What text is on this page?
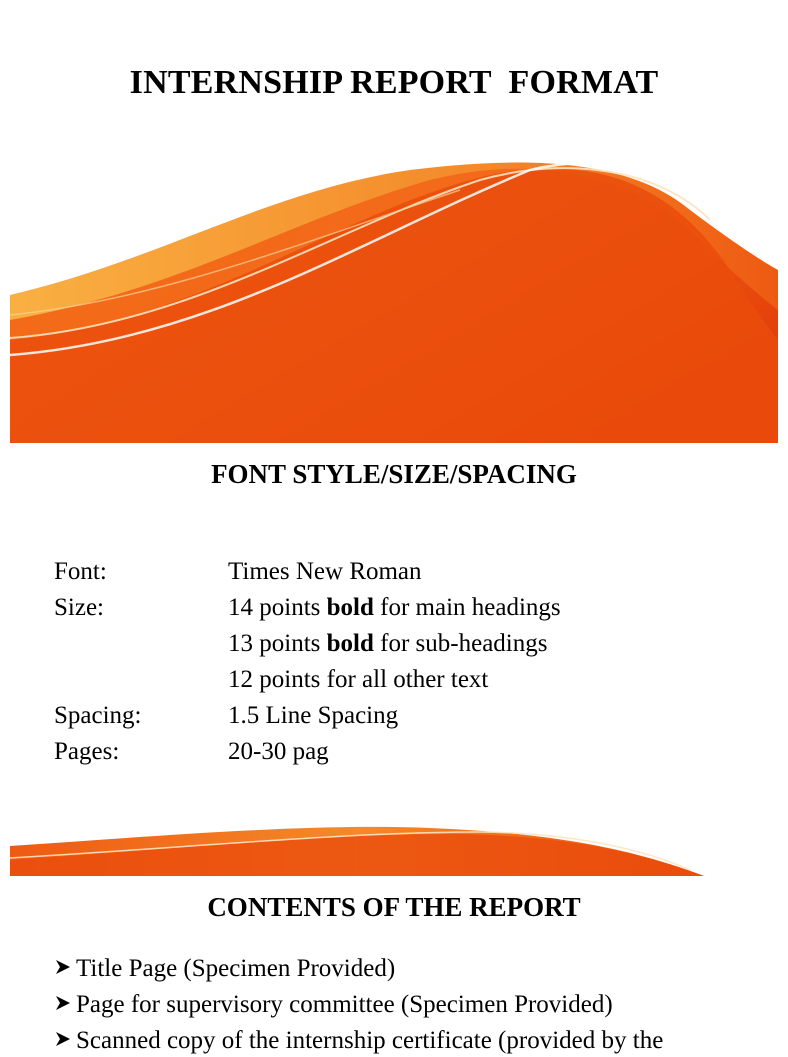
INTERNSHIP REPORT  FORMAT
FONT STYLE/SIZE/SPACING
Font:	Times New Roman
Size:	14 points bold for main headings
13 points bold for sub-headings
12 points for all other text
Spacing:	1.5 Line Spacing
Pages:	20-30 pag
CONTENTS OF THE REPORT
Title Page (Specimen Provided)
Page for supervisory committee (Specimen Provided)
Scanned copy of the internship certificate (provided by the
